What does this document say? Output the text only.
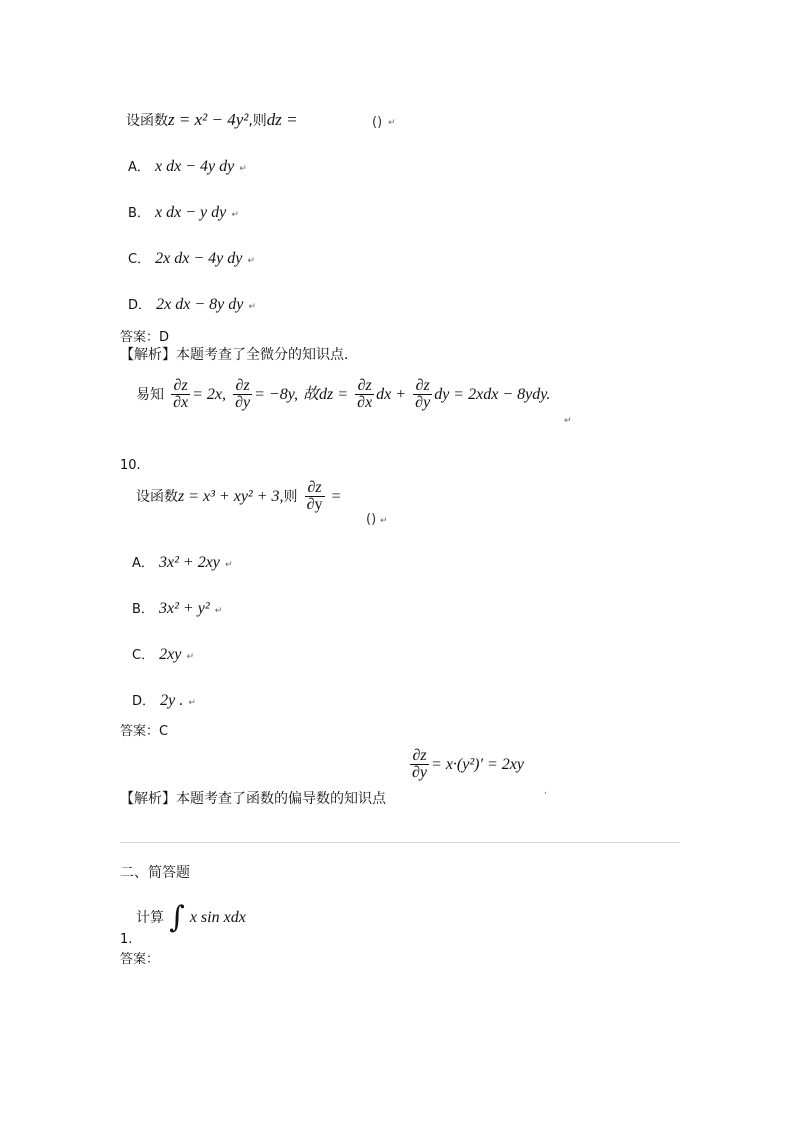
设函数z = x² − 4y²,则dz =	() ↵
A． x dx − 4y dy ↵
B． x dx − y dy ↵
C． 2x dx − 4y dy ↵
D． 2x dx − 8y dy ↵
答案：D
【解析】本题考查了全微分的知识点．
易知 $\frac{\partial z}{\partial x} = 2x$, $\frac{\partial z}{\partial y} = -8y$, 故dz = $\frac{\partial z}{\partial x}$ dx + $\frac{\partial z}{\partial y}$ dy = 2xdx − 8ydy.
↵
10.
设函数z = x³ + xy² + 3,则 $\frac{\partial z}{\partial y}$ =
() ↵
A． 3x² + 2xy ↵
B． 3x² + y² ↵
C． 2xy ↵
D． 2y . ↵
答案：C
$\frac{\partial z}{\partial y} = x\cdot(y^2)' = 2xy$
【解析】本题考查了函数的偏导数的知识点	,
二、简答题
计算 ∫ x sin xdx
1.
答案：
